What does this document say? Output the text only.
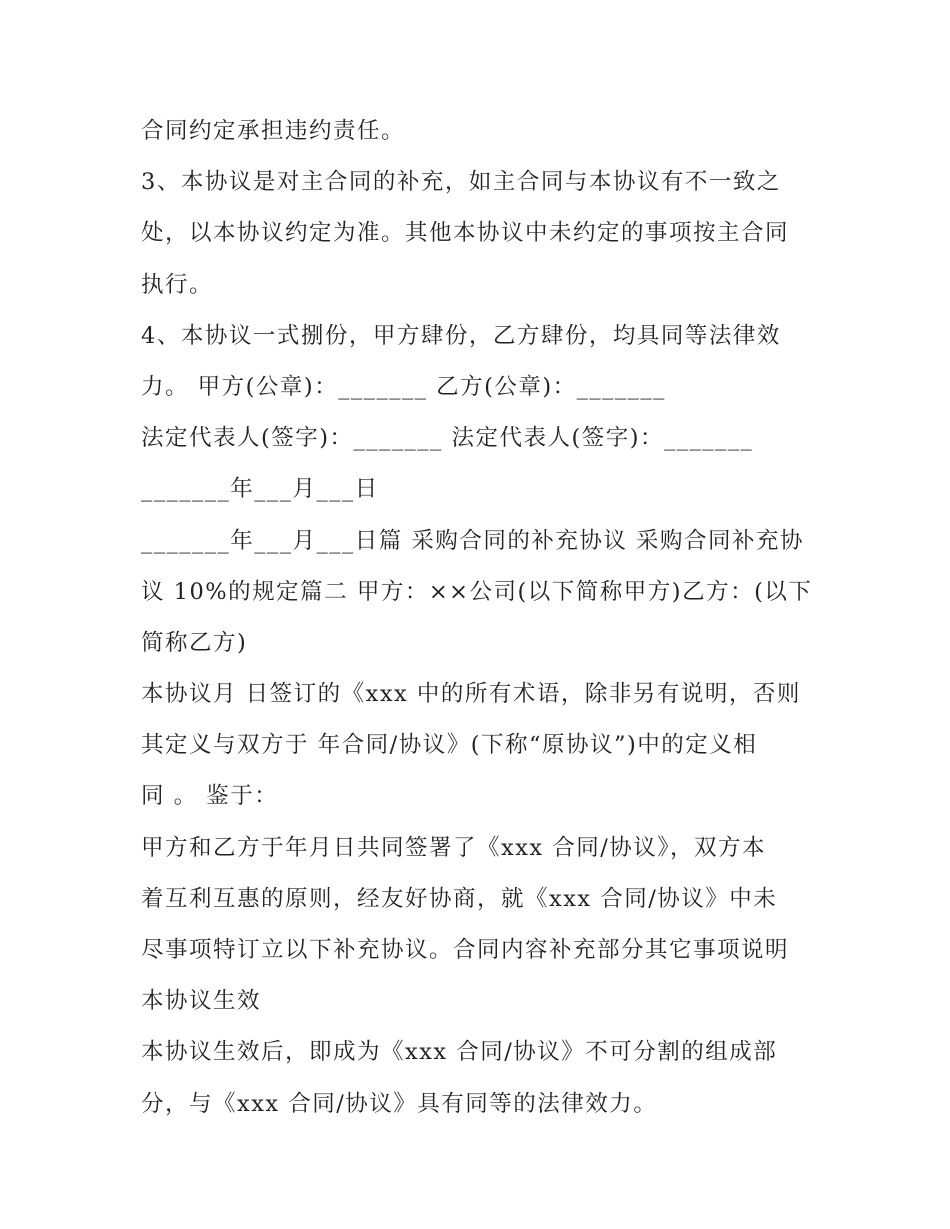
合同约定承担违约责任。
3、本协议是对主合同的补充，如主合同与本协议有不一致之
处，以本协议约定为准。其他本协议中未约定的事项按主合同
执行。
4、本协议一式捌份，甲方肆份，乙方肆份，均具同等法律效
力。 甲方(公章)：_______ 乙方(公章)：_______
法定代表人(签字)：_______ 法定代表人(签字)：_______
_______年___月___日
_______年___月___日篇 采购合同的补充协议 采购合同补充协
议 10%的规定篇二 甲方：××公司(以下简称甲方)乙方：(以下
简称乙方)
本协议月 日签订的《xxx 中的所有术语，除非另有说明，否则
其定义与双方于 年合同/协议》(下称“原协议”)中的定义相
同 。 鉴于：
甲方和乙方于年月日共同签署了《xxx 合同/协议》，双方本
着互利互惠的原则，经友好协商，就《xxx 合同/协议》中未
尽事项特订立以下补充协议。合同内容补充部分其它事项说明
本协议生效
本协议生效后，即成为《xxx 合同/协议》不可分割的组成部
分，与《xxx 合同/协议》具有同等的法律效力。
